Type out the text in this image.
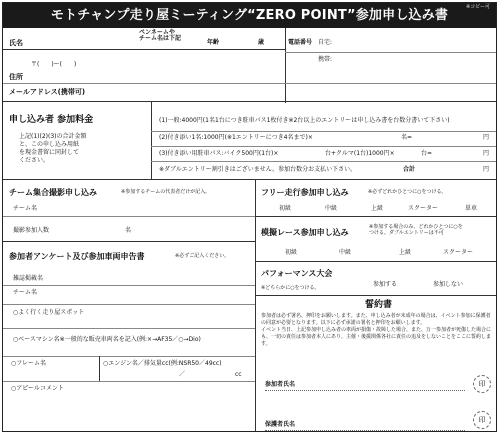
モトチャンプ走り屋ミーティング“ZERO POINT”参加申し込み書
※コピー可
氏名
ペンネームや
チーム名は下記
年齢	歳	電話番号 自宅:
携帯:
〒(　　)ー(　　)
住所
メールアドレス(携帯可)
申し込み者 参加料金
上記(1)(2)(3)の合計金額
と、この申し込み用紙
を現金書留に同封して
ください。
(1)一般:4000円(1名1台につき駐車パス1枚付き※2台以上のエントリーは申し込み書を台数分書いて下さい)
(2)付き添い1名:1000円(※1エントリーにつき4名まで)×	名=	円
(3)付き添い用駐車パス:バイク500円(1台)×	台+クルマ(1台)1000円×	台=	円
※ダブルエントリー割引きはございません。参加台数分お支払い下さい。	合計	円
チーム集合撮影申し込み	※参加するチームの代表者だけが記入。
チーム名
撮影参加人数	名
フリー走行参加申し込み	※必ずどれかひとつに○をつける。
初級	中級	上級	スクーター	単車
模擬レース参加申し込み
※参加する場合のみ、どれかひとつに○を
つける。ダブルエントリーは不可
初級	中級	上級	スクーター
パフォーマンス大会
※どちらかに○をつける。	参加する	参加しない
誓約書
参加者は必ず署名、押印をお願いします。また、申し込み者が未成年の場合は、イベント参加に保護者の同意が必要となります。以下に必ず承諾の署名と押印をお願いします。
イベント当日、上記参加申し込み者の車両が損傷・故障した場合、また、万一参加者が死傷した場合にも、一切の責任は参加者本人にあり、主催・後援関係各社に責任の追及をしないことをここに誓約します。
参加者氏名	印
保護者氏名
印
参加者アンケート及び参加車両申告書	※必ずご記入ください。
雑誌掲載名
チーム名
○よく行く走り屋スポット
○ベースマシン名※一般的な販売車両名を記入(例:×→AF35／○→Dio)
○フレーム名	○エンジン名／排気量cc(例:NSR50／49cc)
／	cc
○アピールコメント
